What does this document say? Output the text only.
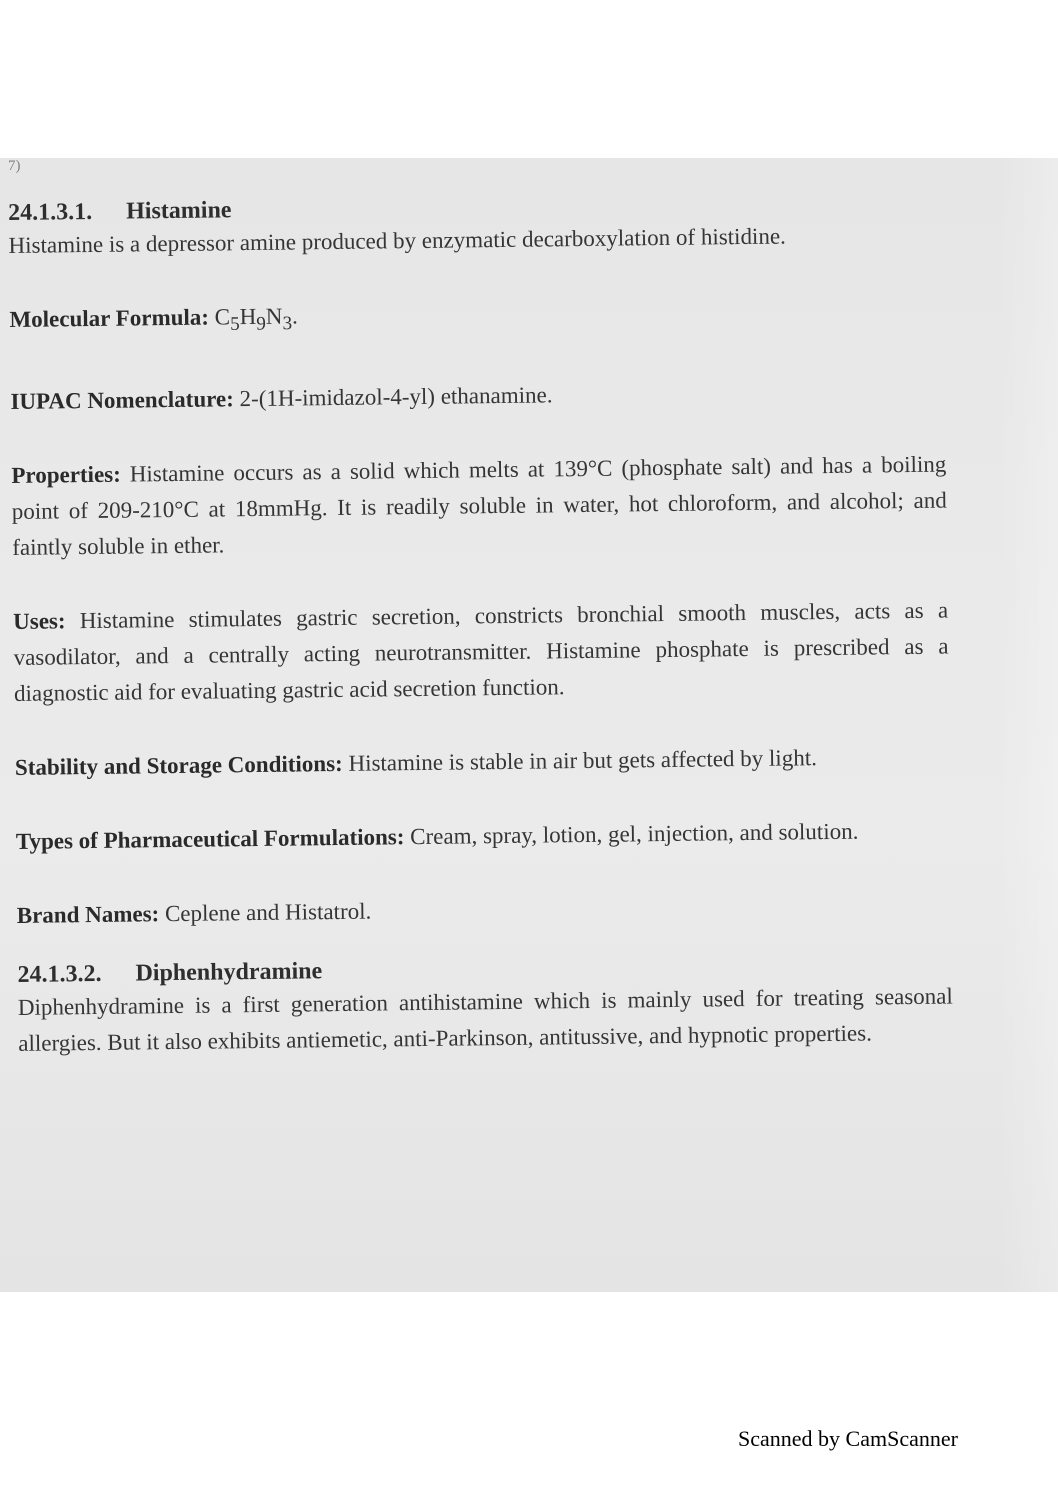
7)
24.1.3.1. Histamine

Histamine is a depressor amine produced by enzymatic decarboxylation of histidine.

Molecular Formula: $C_5H_9N_3$.

IUPAC Nomenclature: 2-(1H-imidazol-4-yl) ethanamine.

Properties: Histamine occurs as a solid which melts at 139°C (phosphate salt) and has a boiling point of 209-210°C at 18mmHg. It is readily soluble in water, hot chloroform, and alcohol; and faintly soluble in ether.

Uses: Histamine stimulates gastric secretion, constricts bronchial smooth muscles, acts as a vasodilator, and a centrally acting neurotransmitter. Histamine phosphate is prescribed as a diagnostic aid for evaluating gastric acid secretion function.

Stability and Storage Conditions: Histamine is stable in air but gets affected by light.

Types of Pharmaceutical Formulations: Cream, spray, lotion, gel, injection, and solution.

Brand Names: Ceplene and Histatrol.

24.1.3.2. Diphenhydramine

Diphenhydramine is a first generation antihistamine which is mainly used for treating seasonal allergies. But it also exhibits antiemetic, anti-Parkinson, antitussive, and hypnotic properties.

Scanned by CamScanner
